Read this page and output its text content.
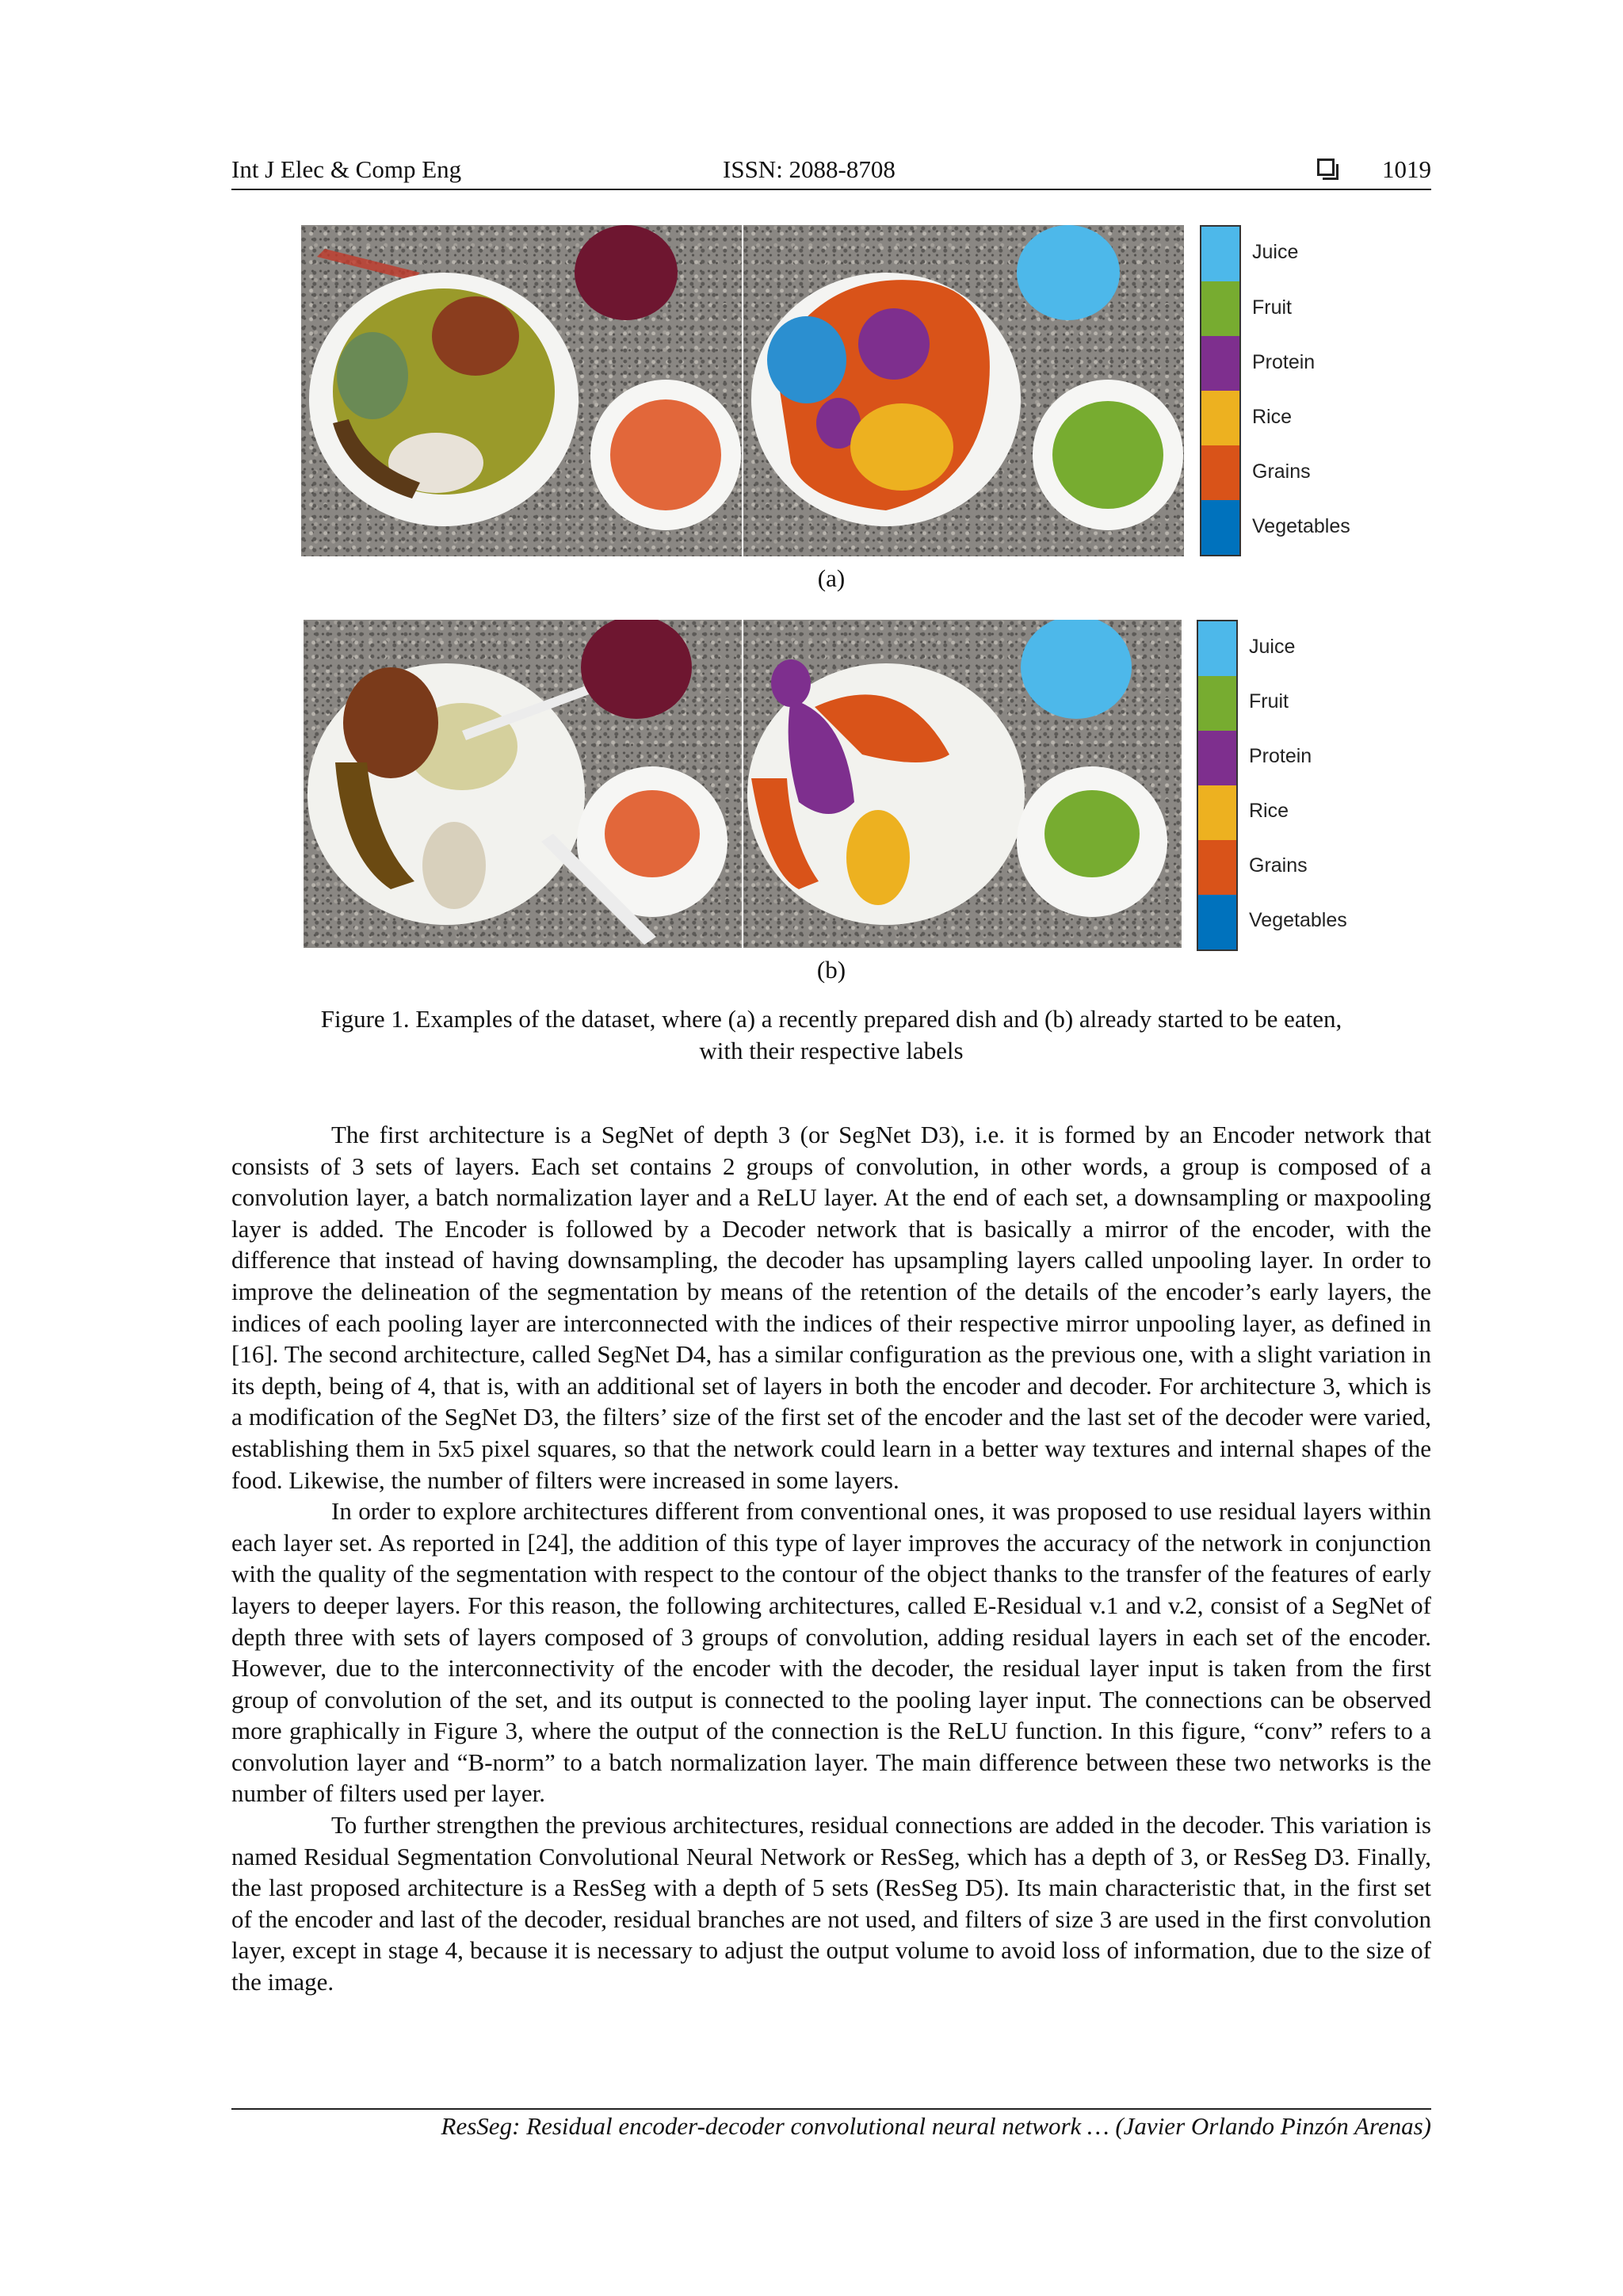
Int J Elec & Comp Eng	ISSN: 2088-8708	1019
Juice
Fruit
Protein
Rice
Grains
Vegetables
(a)
Juice
Fruit
Protein
Rice
Grains
Vegetables
(b)
Figure 1. Examples of the dataset, where (a) a recently prepared dish and (b) already started to be eaten,
with their respective labels

The first architecture is a SegNet of depth 3 (or SegNet D3), i.e. it is formed by an Encoder network that consists of 3 sets of layers. Each set contains 2 groups of convolution, in other words, a group is composed of a convolution layer, a batch normalization layer and a ReLU layer. At the end of each set, a downsampling or maxpooling layer is added. The Encoder is followed by a Decoder network that is basically a mirror of the encoder, with the difference that instead of having downsampling, the decoder has upsampling layers called unpooling layer. In order to improve the delineation of the segmentation by means of the retention of the details of the encoder’s early layers, the indices of each pooling layer are interconnected with the indices of their respective mirror unpooling layer, as defined in [16]. The second architecture, called SegNet D4, has a similar configuration as the previous one, with a slight variation in its depth, being of 4, that is, with an additional set of layers in both the encoder and decoder. For architecture 3, which is a modification of the SegNet D3, the filters’ size of the first set of the encoder and the last set of the decoder were varied, establishing them in 5x5 pixel squares, so that the network could learn in a better way textures and internal shapes of the food. Likewise, the number of filters were increased in some layers.

In order to explore architectures different from conventional ones, it was proposed to use residual layers within each layer set. As reported in [24], the addition of this type of layer improves the accuracy of the network in conjunction with the quality of the segmentation with respect to the contour of the object thanks to the transfer of the features of early layers to deeper layers. For this reason, the following architectures, called E-Residual v.1 and v.2, consist of a SegNet of depth three with sets of layers composed of 3 groups of convolution, adding residual layers in each set of the encoder. However, due to the interconnectivity of the encoder with the decoder, the residual layer input is taken from the first group of convolution of the set, and its output is connected to the pooling layer input. The connections can be observed more graphically in Figure 3, where the output of the connection is the ReLU function. In this figure, “conv” refers to a convolution layer and “B-norm” to a batch normalization layer. The main difference between these two networks is the number of filters used per layer.

To further strengthen the previous architectures, residual connections are added in the decoder. This variation is named Residual Segmentation Convolutional Neural Network or ResSeg, which has a depth of 3, or ResSeg D3. Finally, the last proposed architecture is a ResSeg with a depth of 5 sets (ResSeg D5). Its main characteristic that, in the first set of the encoder and last of the decoder, residual branches are not used, and filters of size 3 are used in the first convolution layer, except in stage 4, because it is necessary to adjust the output volume to avoid loss of information, due to the size of the image.

ResSeg: Residual encoder-decoder convolutional neural network … (Javier Orlando Pinzón Arenas)
